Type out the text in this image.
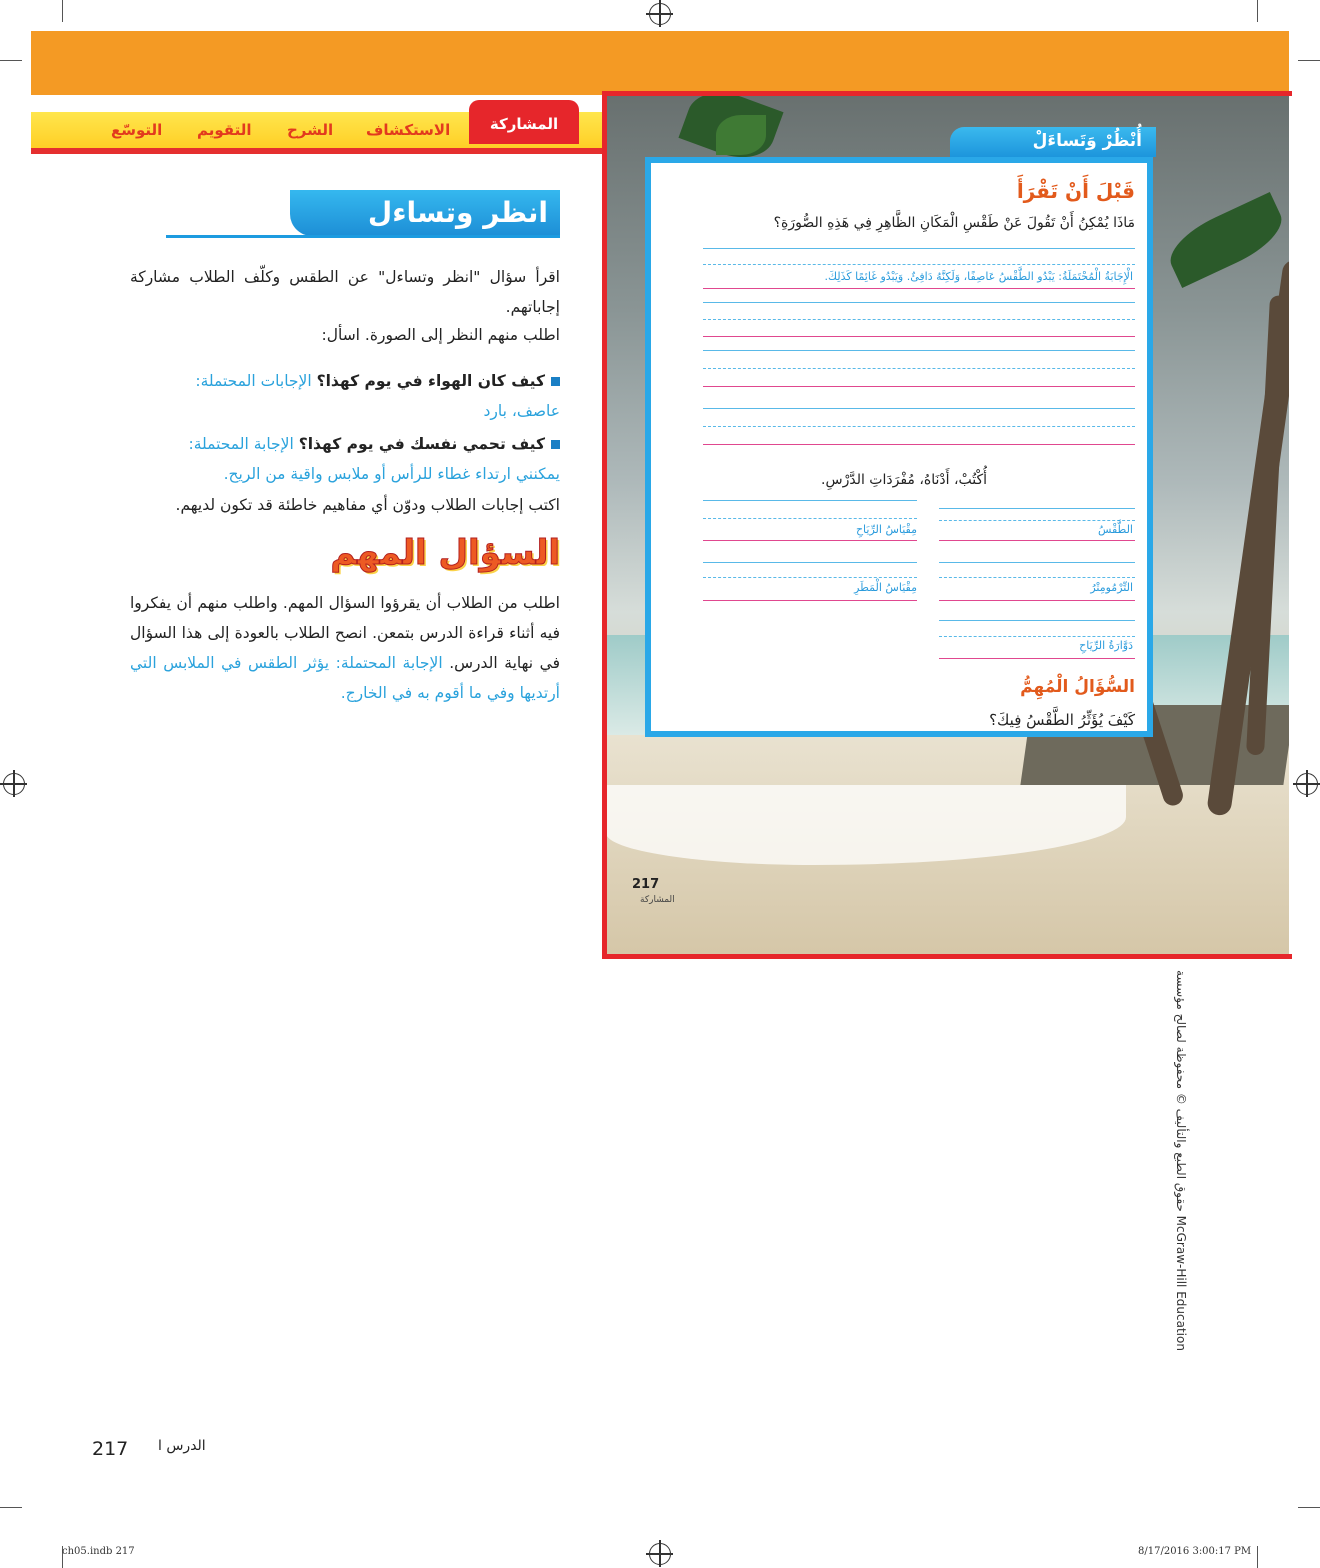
الاستكشاف
الشرح
التقويم
التوسّع	المشاركة
انظر وتساءل
اقرأ سؤال "انظر وتساءل" عن الطقس وكلّف الطلاب مشاركة إجاباتهم.
اطلب منهم النظر إلى الصورة. اسأل:
كيف كان الهواء في يوم كهذا؟ الإجابات المحتملة:
عاصف، بارد
كيف تحمي نفسك في يوم كهذا؟ الإجابة المحتملة:
يمكنني ارتداء غطاء للرأس أو ملابس واقية من الريح.
اكتب إجابات الطلاب ودوّن أي مفاهيم خاطئة قد تكون لديهم.
السؤال المهم
اطلب من الطلاب أن يقرؤوا السؤال المهم. واطلب منهم أن يفكروا فيه أثناء قراءة الدرس بتمعن. انصح الطلاب بالعودة إلى هذا السؤال في نهاية الدرس. الإجابة المحتملة: يؤثر الطقس في الملابس التي أرتديها وفي ما أقوم به في الخارج.
217
المشاركة
أُنْظُرْ وَتَساءَلْ
قَبْلَ أَنْ تَقْرَأَ
مَاذَا يُمْكِنُ أَنْ تَقُولَ عَنْ طَقْسِ الْمَكَانِ الظَّاهِرِ فِي هَذِهِ الصُّورَةِ؟
الْإِجَابَةُ الْمُحْتَمَلَةُ: يَبْدُو الطَّقْسُ عَاصِفًا، وَلَكِنَّهُ دَافِئٌ. وَيَبْدُو غَائِمًا كَذَلِكَ.
أُكْتُبْ، أَدْنَاهُ، مُفْرَدَاتِ الدَّرْسِ.
الطَّقْسُ
التِّرْمُومِتْرُ
دَوَّارَةُ الرِّيَاحِ
مِقْيَاسُ الرِّيَاحِ
مِقْيَاسُ الْمَطَرِ
السُّؤَالُ الْمُهِمُّ
كَيْفَ يُؤَثِّرُ الطَّقْسُ فِيكَ؟
حقوق الطبع والتأليف © محفوظة لصالح مؤسسة McGraw-Hill Education
217 الدرس ا
ch05.indb 217	8/17/2016 3:00:17 PM
